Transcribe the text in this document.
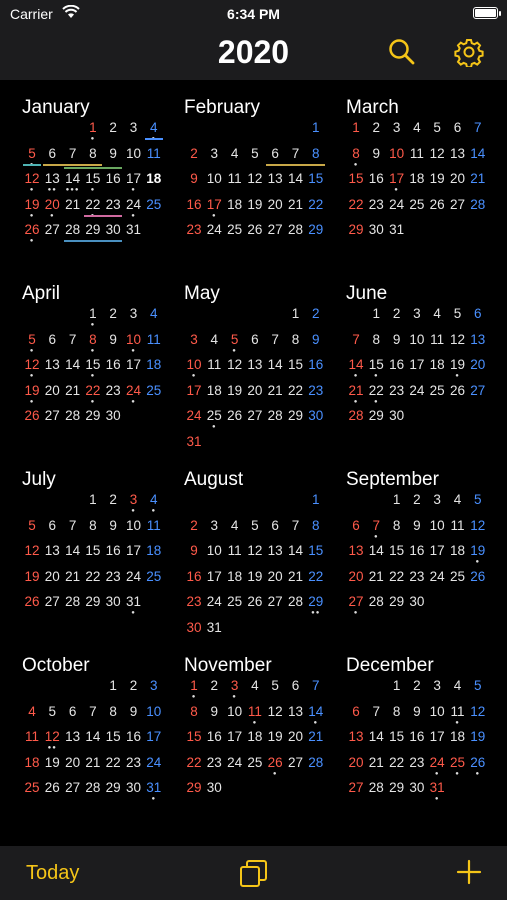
Carrier	6:34 PM
2020
January
1
●
2 3 4
5 6 7 8 9 10 11
12
●
13
●●
14
●●●
15
●
16 17
●
18
19
●
20
●
21 22 23 24
●
25
26
●
27 28 29 30 31
February
1
2 3 4 5 6 7 8
9 10 11 12 13 14 15
16 17
●
18 19 20 21 22
23 24 25 26 27 28 29
March
1 2 3 4 5 6 7
8
●
9 10 11 12 13 14
15 16 17
●
18 19 20 21
22 23 24 25 26 27 28
29 30 31
April
1
●
2 3 4
5
●
6 7 8
●
9 10
●
11
12
●
13 14 15
●
16 17 18
19
●
20 21 22
●
23 24
●
25
26 27 28 29 30
May
1 2
3 4 5
●
6 7 8 9
10
●
11 12 13 14 15 16
17 18 19 20 21 22 23
24 25
●
26 27 28 29 30
31
June
1 2 3 4 5 6
7 8 9 10 11 12 13
14
●
15
●
16 17 18 19
●
20
21
●
22
●
23 24 25 26 27
28 29 30
July
1 2 3
●
4
●
5 6 7 8 9 10 11
12 13 14 15 16 17 18
19 20 21 22 23 24 25
26 27 28 29 30 31
●
August
1
2 3 4 5 6 7 8
9 10 11 12 13 14 15
16 17 18 19 20 21 22
23 24 25 26 27 28 29
●●
30 31
September
1 2 3 4 5
6 7
●
8 9 10 11 12
13 14 15 16 17 18 19
●
20 21 22 23 24 25 26
27
●
28 29 30
October
1 2 3
4 5 6 7 8 9 10
11 12
●●
13 14 15 16 17
18 19 20 21 22 23 24
25 26 27 28 29 30 31
●
November
1
●
2 3
●
4 5 6 7
8 9 10 11
●
12 13 14
●
15 16 17 18 19 20 21
22 23 24 25 26
●
27 28
29 30
December
1 2 3 4 5
6 7 8 9 10 11
●
12
13 14 15 16 17 18 19
20 21 22 23 24
●
25
●
26
●
27 28 29 30 31
●
Today
